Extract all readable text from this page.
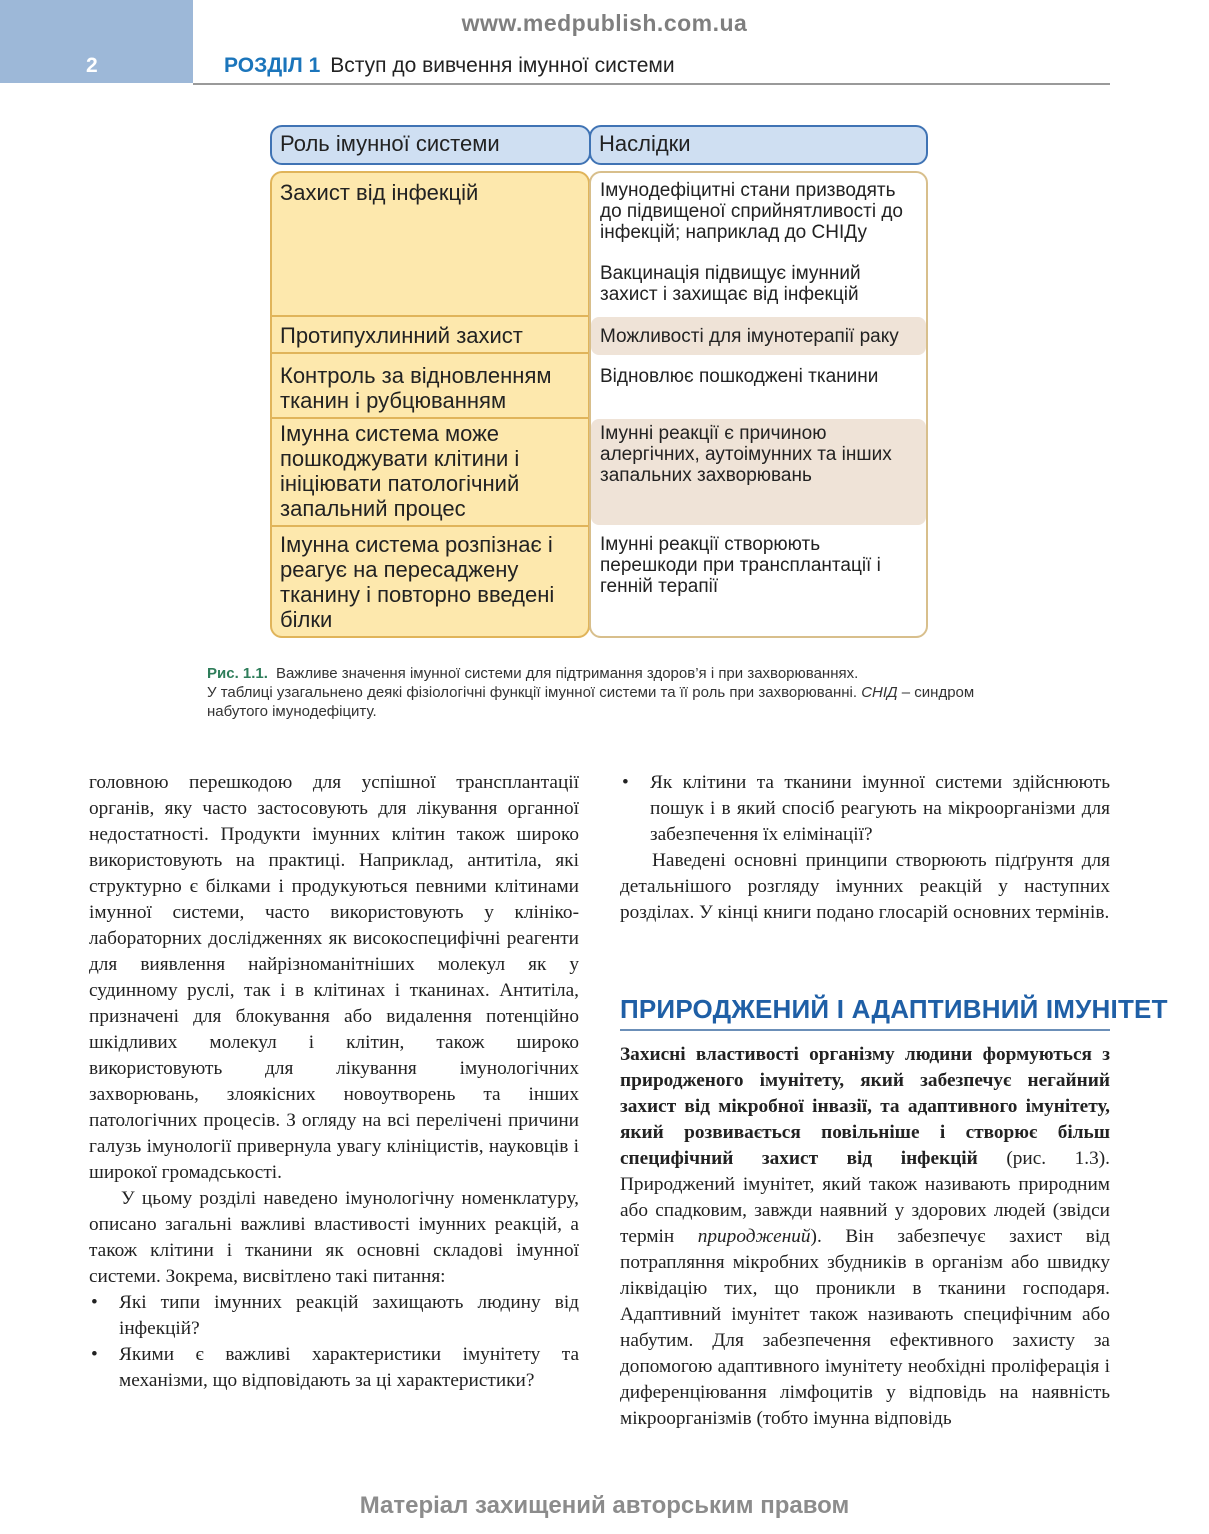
2
www.medpublish.com.ua
РОЗДІЛ 1 Вступ до вивчення імунної системи
Роль імунної системи	Наслідки
Захист від інфекцій
Протипухлинний захист
Контроль за відновленням тканин і рубцюванням
Імунна система може пошкоджувати клітини і ініціювати патологічний запальний процес
Імунна система розпізнає і реагує на пересаджену тканину і повторно введені білки
Імунодефіцитні стани призводять до підвищеної сприйнятливості до інфекцій; наприклад до СНІДу
Вакцинація підвищує імунний захист і захищає від інфекцій
Можливості для імунотерапії раку
Відновлює пошкоджені тканини
Імунні реакції є причиною алергічних, аутоімунних та інших запальних захворювань
Імунні реакції створюють перешкоди при трансплантації і генній терапії
Рис. 1.1. Важливе значення імунної системи для підтримання здоров’я і при захворюваннях.
У таблиці узагальнено деякі фізіологічні функції імунної системи та її роль при захворюванні. СНІД – синдром набутого імунодефіциту.

головною перешкодою для успішної трансплантації органів, яку часто застосовують для лікування органної недостатності. Продукти імунних клітин також широко використовують на практиці. Наприклад, антитіла, які структурно є білками і продукуються певними клітинами імунної системи, часто використовують у клініко-лабораторних дослідженнях як високоспецифічні реагенти для виявлення найрізноманітніших молекул як у судинному руслі, так і в клітинах і тканинах. Антитіла, призначені для блокування або видалення потенційно шкідливих молекул і клітин, також широко використовують для лікування імунологічних захворювань, злоякісних новоутворень та інших патологічних процесів. З огляду на всі перелічені причини галузь імунології привернула увагу клініцистів, науковців і широкої громадськості.

У цьому розділі наведено імунологічну номенклатуру, описано загальні важливі властивості імунних реакцій, а також клітини і тканини як основні складові імунної системи. Зокрема, висвітлено такі питання:

• Які типи імунних реакцій захищають людину від інфекцій?
• Якими є важливі характеристики імунітету та механізми, що відповідають за ці характеристики?
• Як клітини та тканини імунної системи здійснюють пошук і в який спосіб реагують на мікроорганізми для забезпечення їх елімінації?

Наведені основні принципи створюють підґрунтя для детальнішого розгляду імунних реакцій у наступних розділах. У кінці книги подано глосарій основних термінів.

ПРИРОДЖЕНИЙ І АДАПТИВНИЙ ІМУНІТЕТ

Захисні властивості організму людини формуються з природженого імунітету, який забезпечує негайний захист від мікробної інвазії, та адаптивного імунітету, який розвивається повільніше і створює більш специфічний захист від інфекцій (рис. 1.3). Природжений імунітет, який також називають природним або спадковим, завжди наявний у здорових людей (звідси термін природжений). Він забезпечує захист від потрапляння мікробних збудників в організм або швидку ліквідацію тих, що проникли в тканини господаря. Адаптивний імунітет також називають специфічним або набутим. Для забезпечення ефективного захисту за допомогою адаптивного імунітету необхідні проліферація і диференціювання лімфоцитів у відповідь на наявність мікроорганізмів (тобто імунна відповідь

Матеріал захищений авторським правом
